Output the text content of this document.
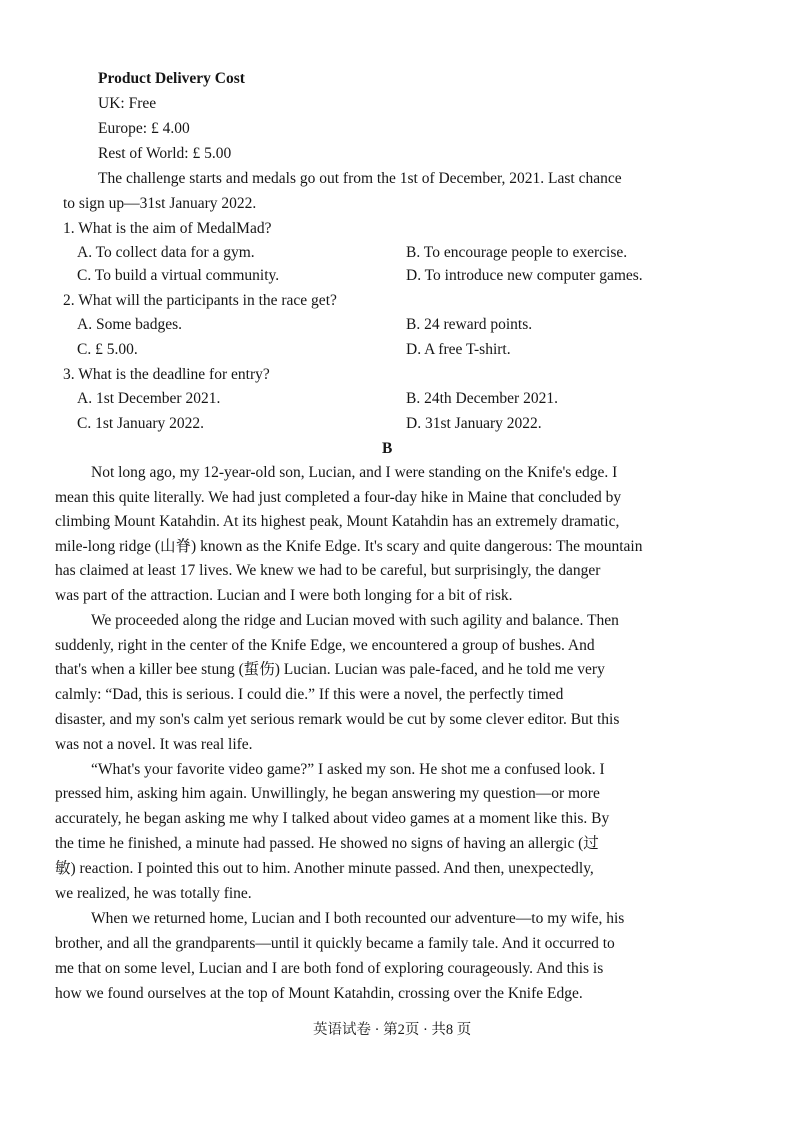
Product Delivery Cost
UK: Free
Europe: £ 4.00
Rest of World: £ 5.00
The challenge starts and medals go out from the 1st of December, 2021. Last chance
to sign up—31st January 2022.
1. What is the aim of MedalMad?
A. To collect data for a gym.	B. To encourage people to exercise.
C. To build a virtual community.	D. To introduce new computer games.
2. What will the participants in the race get?
A. Some badges.	B. 24 reward points.
C. £ 5.00.	D. A free T-shirt.
3. What is the deadline for entry?
A. 1st December 2021.	B. 24th December 2021.
C. 1st January 2022.	D. 31st January 2022.
B
Not long ago, my 12-year-old son, Lucian, and I were standing on the Knife's edge. I
mean this quite literally. We had just completed a four-day hike in Maine that concluded by
climbing Mount Katahdin. At its highest peak, Mount Katahdin has an extremely dramatic,
mile-long ridge (山脊) known as the Knife Edge. It's scary and quite dangerous: The mountain
has claimed at least 17 lives. We knew we had to be careful, but surprisingly, the danger
was part of the attraction. Lucian and I were both longing for a bit of risk.
We proceeded along the ridge and Lucian moved with such agility and balance. Then
suddenly, right in the center of the Knife Edge, we encountered a group of bushes. And
that's when a killer bee stung (蜇伤) Lucian. Lucian was pale-faced, and he told me very
calmly: “Dad, this is serious. I could die.” If this were a novel, the perfectly timed
disaster, and my son's calm yet serious remark would be cut by some clever editor. But this
was not a novel. It was real life.
“What's your favorite video game?” I asked my son. He shot me a confused look. I
pressed him, asking him again. Unwillingly, he began answering my question—or more
accurately, he began asking me why I talked about video games at a moment like this. By
the time he finished, a minute had passed. He showed no signs of having an allergic (过
敏) reaction. I pointed this out to him. Another minute passed. And then, unexpectedly,
we realized, he was totally fine.
When we returned home, Lucian and I both recounted our adventure—to my wife, his
brother, and all the grandparents—until it quickly became a family tale. And it occurred to
me that on some level, Lucian and I are both fond of exploring courageously. And this is
how we found ourselves at the top of Mount Katahdin, crossing over the Knife Edge.
英语试卷 · 第2页 · 共8 页
